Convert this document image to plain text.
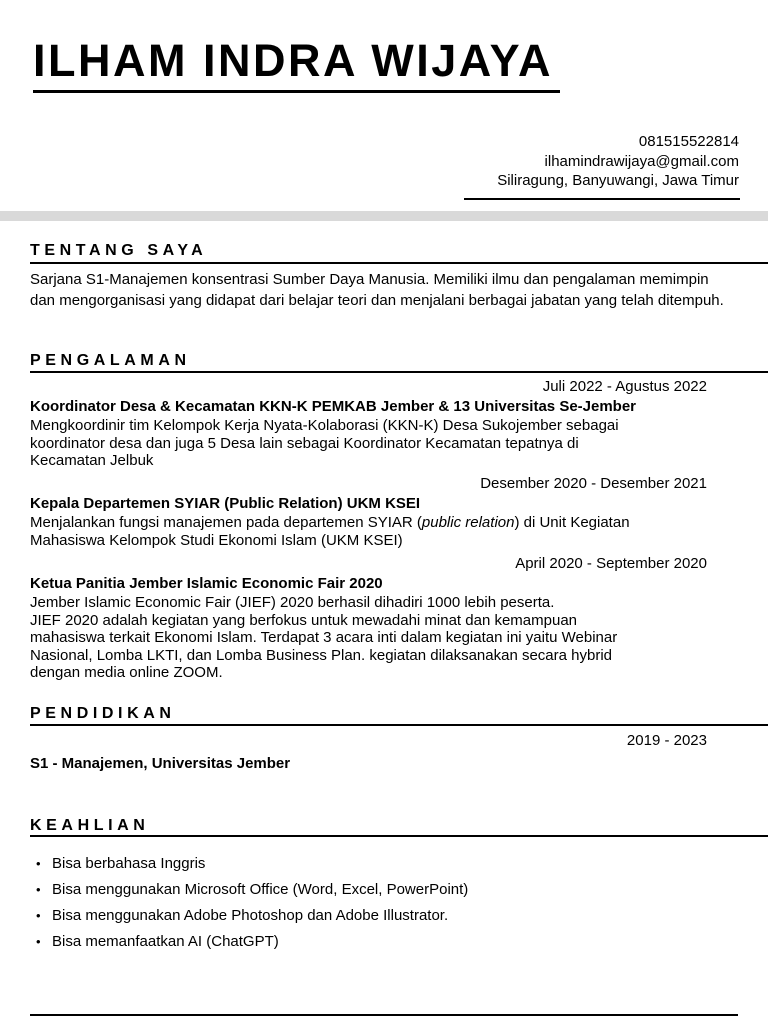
ILHAM INDRA WIJAYA
081515522814
ilhamindrawijaya@gmail.com
Siliragung, Banyuwangi, Jawa Timur
TENTANG SAYA
Sarjana S1-Manajemen konsentrasi Sumber Daya Manusia. Memiliki ilmu dan pengalaman memimpin dan mengorganisasi yang didapat dari belajar teori dan menjalani berbagai jabatan yang telah ditempuh.
PENGALAMAN
Juli 2022 - Agustus 2022
Koordinator Desa & Kecamatan KKN-K PEMKAB Jember & 13 Universitas Se-Jember
Mengkoordinir tim Kelompok Kerja Nyata-Kolaborasi (KKN-K) Desa Sukojember sebagai
koordinator desa dan juga 5 Desa lain sebagai Koordinator Kecamatan tepatnya di
Kecamatan Jelbuk
Desember 2020 - Desember 2021
Kepala Departemen SYIAR (Public Relation) UKM KSEI
Menjalankan fungsi manajemen pada departemen SYIAR (public relation) di Unit Kegiatan
Mahasiswa Kelompok Studi Ekonomi Islam (UKM KSEI)
April 2020 - September 2020
Ketua Panitia Jember Islamic Economic Fair 2020
Jember Islamic Economic Fair (JIEF) 2020 berhasil dihadiri 1000 lebih peserta.
JIEF 2020 adalah kegiatan yang berfokus untuk mewadahi minat dan kemampuan
mahasiswa terkait Ekonomi Islam. Terdapat 3 acara inti dalam kegiatan ini yaitu Webinar
Nasional, Lomba LKTI, dan Lomba Business Plan. kegiatan dilaksanakan secara hybrid
dengan media online ZOOM.
PENDIDIKAN
2019 - 2023
S1 - Manajemen, Universitas Jember
KEAHLIAN
• Bisa berbahasa Inggris
• Bisa menggunakan Microsoft Office (Word, Excel, PowerPoint)
• Bisa menggunakan Adobe Photoshop dan Adobe Illustrator.
• Bisa memanfaatkan AI (ChatGPT)
